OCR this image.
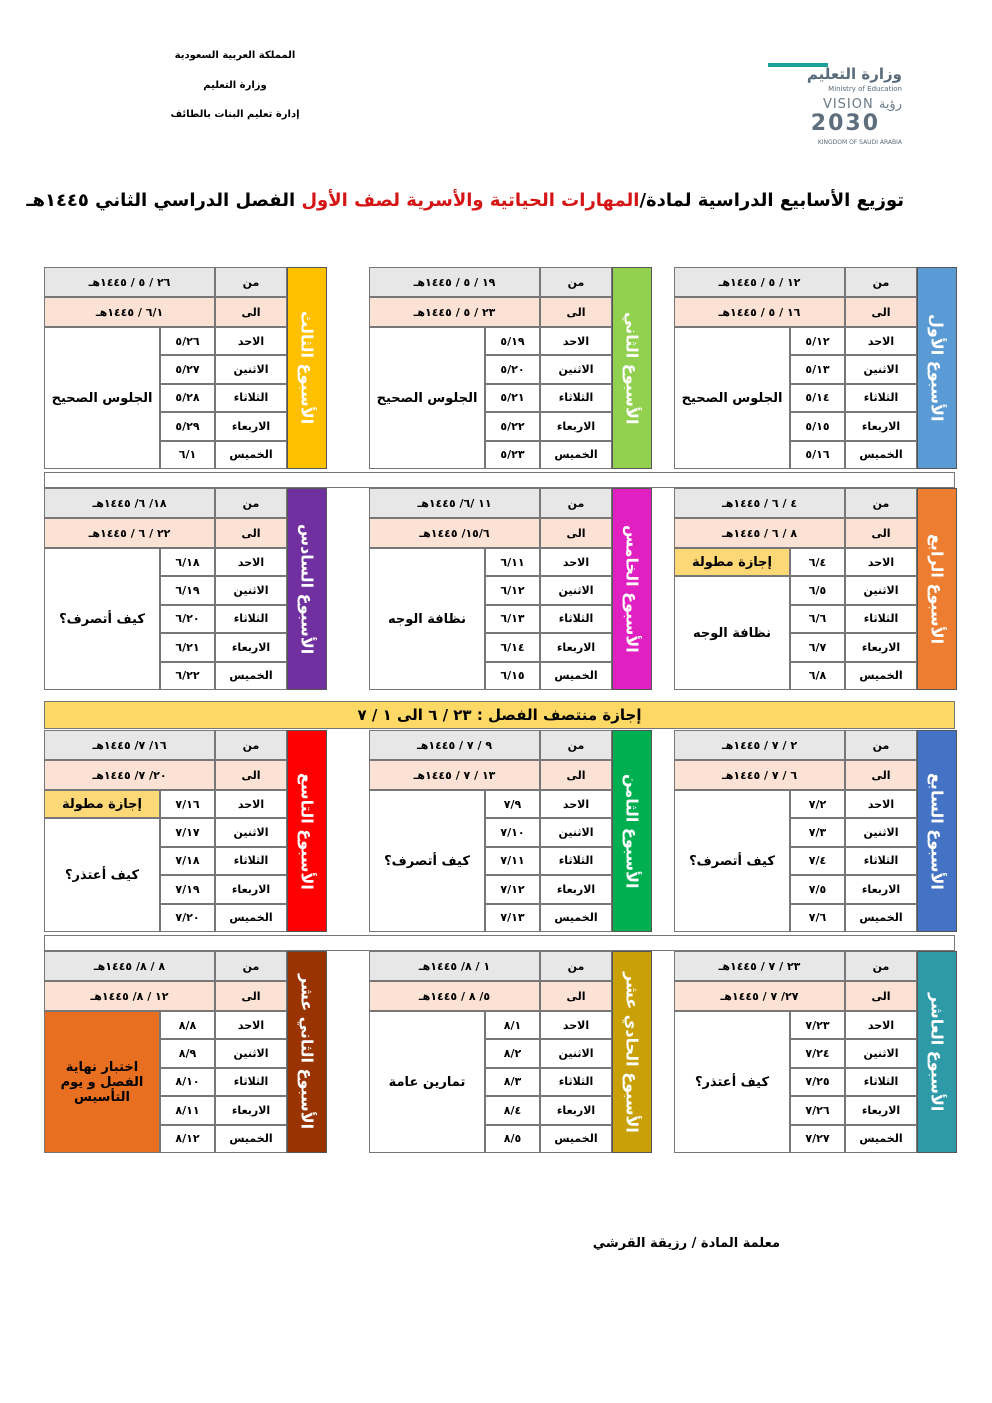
المملكة العربية السعودية
وزارة التعليم
إدارة تعليم البنات بالطائف
وزارة التعليم
Ministry of Education
VISION رؤية
2030
KINGDOM OF SAUDI ARABIA
توزيع الأسابيع الدراسية لمادة/المهارات الحياتية والأسرية لصف الأول الفصل الدراسي الثاني ١٤٤٥هـ
الأسبوع الأول
من
١٢ / ٥ / ١٤٤٥هـ
الى
١٦ / ٥ / ١٤٤٥هـ
الاحد
٥/١٢
الاثنين
٥/١٣
الثلاثاء
٥/١٤
الاربعاء
٥/١٥
الخميس
٥/١٦
الجلوس الصحيح
الأسبوع الثاني
من
١٩ / ٥ / ١٤٤٥هـ
الى
٢٣ / ٥ / ١٤٤٥هـ
الاحد
٥/١٩
الاثنين
٥/٢٠
الثلاثاء
٥/٢١
الاربعاء
٥/٢٢
الخميس
٥/٢٣
الجلوس الصحيح
الأسبوع الثالث
من
٢٦ / ٥ / ١٤٤٥هـ
الى
٦/١ / ١٤٤٥هـ
الاحد
٥/٢٦
الاثنين
٥/٢٧
الثلاثاء
٥/٢٨
الاربعاء
٥/٢٩
الخميس
٦/١
الجلوس الصحيح
الأسبوع الرابع
من
٤ / ٦ / ١٤٤٥هـ
الى
٨ / ٦ / ١٤٤٥هـ
الاحد
٦/٤
الاثنين
٦/٥
الثلاثاء
٦/٦
الاربعاء
٦/٧
الخميس
٦/٨
إجازة مطولة
نظافة الوجه
الأسبوع الخامس
من
١١ /٦/ ١٤٤٥هـ
الى
١٥/٦/ ١٤٤٥هـ
الاحد
٦/١١
الاثنين
٦/١٢
الثلاثاء
٦/١٣
الاربعاء
٦/١٤
الخميس
٦/١٥
نظافة الوجه
الأسبوع السادس
من
١٨/ ٦/ ١٤٤٥هـ
الى
٢٢ / ٦ / ١٤٤٥هـ
الاحد
٦/١٨
الاثنين
٦/١٩
الثلاثاء
٦/٢٠
الاربعاء
٦/٢١
الخميس
٦/٢٢
كيف أتصرف؟
الأسبوع السابع
من
٢ / ٧ / ١٤٤٥هـ
الى
٦ / ٧ / ١٤٤٥هـ
الاحد
٧/٢
الاثنين
٧/٣
الثلاثاء
٧/٤
الاربعاء
٧/٥
الخميس
٧/٦
كيف أتصرف؟
الأسبوع الثامن
من
٩ / ٧ / ١٤٤٥هـ
الى
١٣ / ٧ / ١٤٤٥هـ
الاحد
٧/٩
الاثنين
٧/١٠
الثلاثاء
٧/١١
الاربعاء
٧/١٢
الخميس
٧/١٣
كيف أتصرف؟
الأسبوع التاسع
من
١٦/ ٧/ ١٤٤٥هـ
الى
٢٠/ ٧/ ١٤٤٥هـ
الاحد
٧/١٦
الاثنين
٧/١٧
الثلاثاء
٧/١٨
الاربعاء
٧/١٩
الخميس
٧/٢٠
إجازة مطولة
كيف أعتذر؟
الأسبوع العاشر
من
٢٣ / ٧ / ١٤٤٥هـ
الى
٢٧/ ٧ / ١٤٤٥هـ
الاحد
٧/٢٣
الاثنين
٧/٢٤
الثلاثاء
٧/٢٥
الاربعاء
٧/٢٦
الخميس
٧/٢٧
كيف أعتذر؟
الأسبوع الحادي عشر
من
١ / ٨/ ١٤٤٥هـ
الى
٥/ ٨ / ١٤٤٥هـ
الاحد
٨/١
الاثنين
٨/٢
الثلاثاء
٨/٣
الاربعاء
٨/٤
الخميس
٨/٥
تمارين عامة
الأسبوع الثاني عشر
من
٨ / ٨/ ١٤٤٥هـ
الى
١٢ / ٨/ ١٤٤٥هـ
الاحد
٨/٨
الاثنين
٨/٩
الثلاثاء
٨/١٠
الاربعاء
٨/١١
الخميس
٨/١٢
اختبار نهاية الفصل و يوم التأسيس
إجازة منتصف الفصل : ٢٣ / ٦ الى ١ / ٧
معلمة المادة / رزيقة القرشي
